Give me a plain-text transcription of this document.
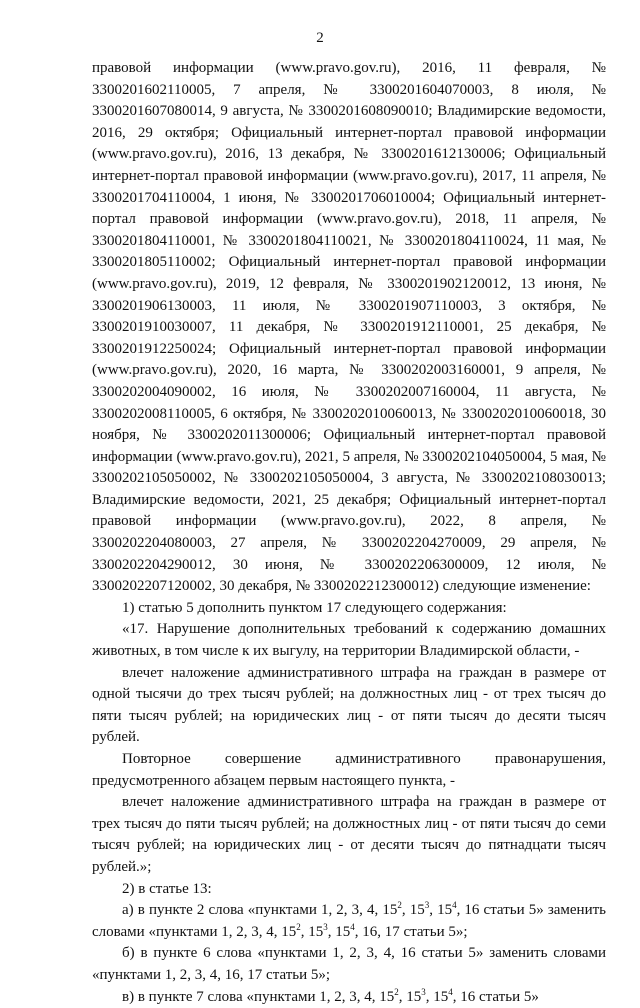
2

правовой информации (www.pravo.gov.ru), 2016, 11 февраля, № 3300201602110005, 7 апреля, № 3300201604070003, 8 июля, № 3300201607080014, 9 августа, № 3300201608090010; Владимирские ведомости, 2016, 29 октября; Официальный интернет-портал правовой информации (www.pravo.gov.ru), 2016, 13 декабря, № 3300201612130006; Официальный интернет-портал правовой информации (www.pravo.gov.ru), 2017, 11 апреля, № 3300201704110004, 1 июня, № 3300201706010004; Официальный интернет-портал правовой информации (www.pravo.gov.ru), 2018, 11 апреля, № 3300201804110001, № 3300201804110021, № 3300201804110024, 11 мая, № 3300201805110002; Официальный интернет-портал правовой информации (www.pravo.gov.ru), 2019, 12 февраля, № 3300201902120012, 13 июня, № 3300201906130003, 11 июля, № 3300201907110003, 3 октября, № 3300201910030007, 11 декабря, № 3300201912110001, 25 декабря, № 3300201912250024; Официальный интернет-портал правовой информации (www.pravo.gov.ru), 2020, 16 марта, № 3300202003160001, 9 апреля, № 3300202004090002, 16 июля, № 3300202007160004, 11 августа, № 3300202008110005, 6 октября, № 3300202010060013, № 3300202010060018, 30 ноября, № 3300202011300006; Официальный интернет-портал правовой информации (www.pravo.gov.ru), 2021, 5 апреля, № 3300202104050004, 5 мая, № 3300202105050002, № 3300202105050004, 3 августа, № 3300202108030013; Владимирские ведомости, 2021, 25 декабря; Официальный интернет-портал правовой информации (www.pravo.gov.ru), 2022, 8 апреля, № 3300202204080003, 27 апреля, № 3300202204270009, 29 апреля, № 3300202204290012, 30 июня, № 3300202206300009, 12 июля, № 3300202207120002, 30 декабря, № 3300202212300012) следующие изменение:

1) статью 5 дополнить пунктом 17 следующего содержания:

«17. Нарушение дополнительных требований к содержанию домашних животных, в том числе к их выгулу, на территории Владимирской области, -

влечет наложение административного штрафа на граждан в размере от одной тысячи до трех тысяч рублей; на должностных лиц - от трех тысяч до пяти тысяч рублей; на юридических лиц - от пяти тысяч до десяти тысяч рублей.

Повторное совершение административного правонарушения, предусмотренного абзацем первым настоящего пункта, -

влечет наложение административного штрафа на граждан в размере от трех тысяч до пяти тысяч рублей; на должностных лиц - от пяти тысяч до семи тысяч рублей; на юридических лиц - от десяти тысяч до пятнадцати тысяч рублей.»;

2) в статье 13:

а) в пункте 2 слова «пунктами 1, 2, 3, 4, $15^2$, $15^3$, $15^4$, 16 статьи 5» заменить словами «пунктами 1, 2, 3, 4, $15^2$, $15^3$, $15^4$, 16, 17 статьи 5»;

б) в пункте 6 слова «пунктами 1, 2, 3, 4, 16 статьи 5» заменить словами «пунктами 1, 2, 3, 4, 16, 17 статьи 5»;

в) в пункте 7 слова «пунктами 1, 2, 3, 4, $15^2$, $15^3$, $15^4$, 16 статьи 5»
